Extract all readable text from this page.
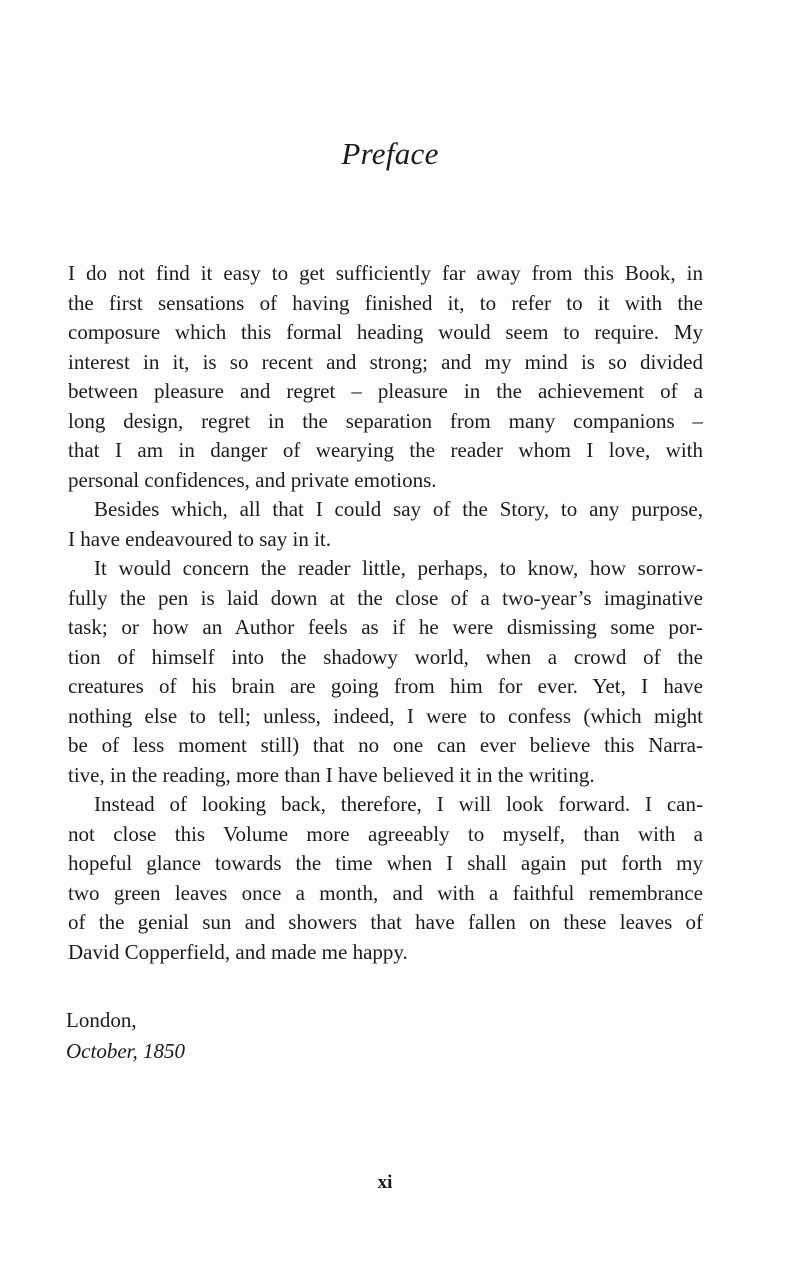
Preface
I do not find it easy to get sufficiently far away from this Book, in
the first sensations of having finished it, to refer to it with the
composure which this formal heading would seem to require. My
interest in it, is so recent and strong; and my mind is so divided
between pleasure and regret – pleasure in the achievement of a
long design, regret in the separation from many companions –
that I am in danger of wearying the reader whom I love, with
personal confidences, and private emotions.
Besides which, all that I could say of the Story, to any purpose,
I have endeavoured to say in it.
It would concern the reader little, perhaps, to know, how sorrow-
fully the pen is laid down at the close of a two-year’s imaginative
task; or how an Author feels as if he were dismissing some por-
tion of himself into the shadowy world, when a crowd of the
creatures of his brain are going from him for ever. Yet, I have
nothing else to tell; unless, indeed, I were to confess (which might
be of less moment still) that no one can ever believe this Narra-
tive, in the reading, more than I have believed it in the writing.
Instead of looking back, therefore, I will look forward. I can-
not close this Volume more agreeably to myself, than with a
hopeful glance towards the time when I shall again put forth my
two green leaves once a month, and with a faithful remembrance
of the genial sun and showers that have fallen on these leaves of
David Copperfield, and made me happy.
London,
October, 1850
xi
